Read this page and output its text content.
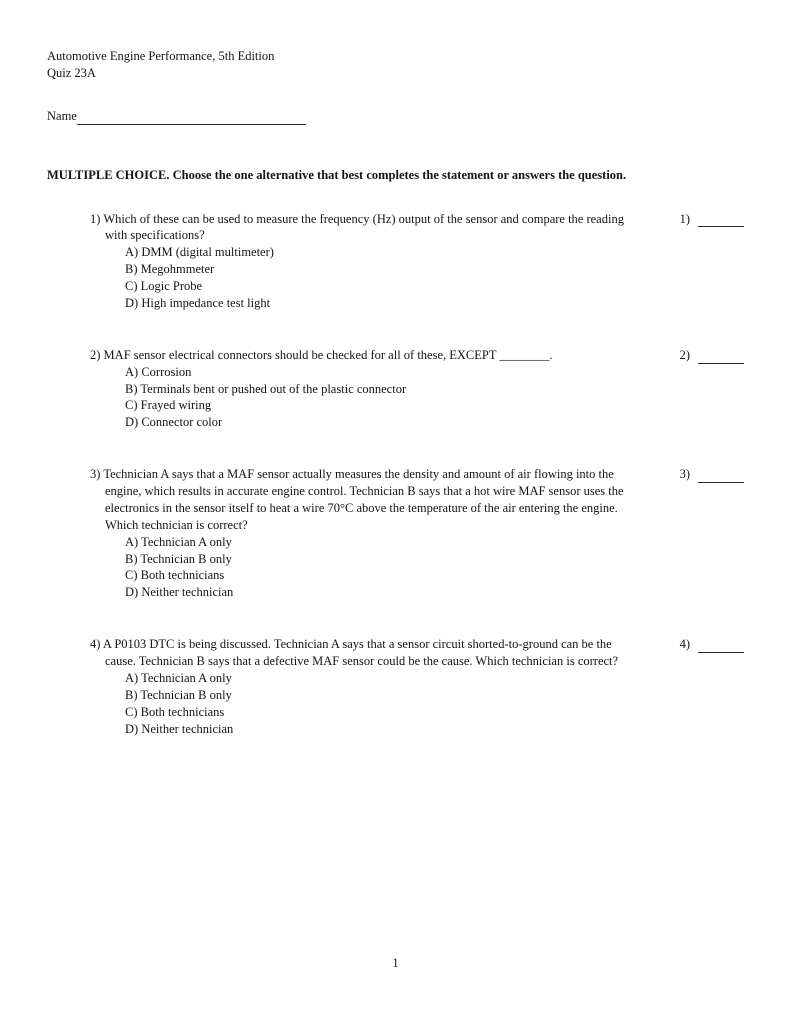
Automotive Engine Performance, 5th Edition
Quiz 23A
Name
MULTIPLE CHOICE. Choose the one alternative that best completes the statement or answers the question.
1) Which of these can be used to measure the frequency (Hz) output of the sensor and compare the reading with specifications?
A) DMM (digital multimeter)
B) Megohmmeter
C) Logic Probe
D) High impedance test light
1)
2) MAF sensor electrical connectors should be checked for all of these, EXCEPT ________.
A) Corrosion
B) Terminals bent or pushed out of the plastic connector
C) Frayed wiring
D) Connector color
2)
3) Technician A says that a MAF sensor actually measures the density and amount of air flowing into the engine, which results in accurate engine control. Technician B says that a hot wire MAF sensor uses the electronics in the sensor itself to heat a wire 70°C above the temperature of the air entering the engine. Which technician is correct?
A) Technician A only
B) Technician B only
C) Both technicians
D) Neither technician
3)
4) A P0103 DTC is being discussed. Technician A says that a sensor circuit shorted-to-ground can be the cause. Technician B says that a defective MAF sensor could be the cause. Which technician is correct?
A) Technician A only
B) Technician B only
C) Both technicians
D) Neither technician
4)
1
